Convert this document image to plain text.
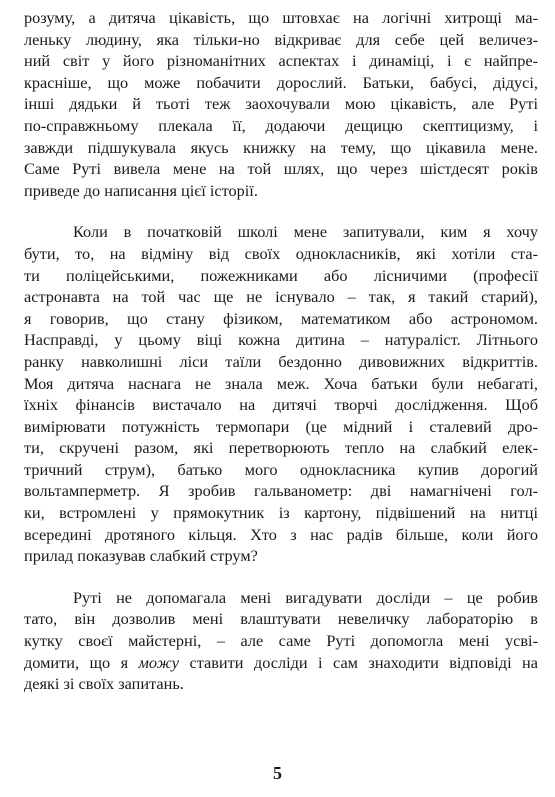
розуму, а дитяча цікавість, що штовхає на логічні хитрощі ма-
леньку людину, яка тільки-но відкриває для себе цей величез-
ний світ у його різноманітних аспектах і динаміці, і є найпре-
красніше, що може побачити дорослий. Батьки, бабусі, дідусі,
інші дядьки й тьоті теж заохочували мою цікавість, але Руті
по-справжньому плекала її, додаючи дещицю скептицизму, і
завжди підшукувала якусь книжку на тему, що цікавила мене.
Саме Руті вивела мене на той шлях, що через шістдесят років
приведе до написання цієї історії.
Коли в початковій школі мене запитували, ким я хочу
бути, то, на відміну від своїх однокласників, які хотіли ста-
ти поліцейськими, пожежниками або лісничими (професії
астронавта на той час ще не існувало – так, я такий старий),
я говорив, що стану фізиком, математиком або астрономом.
Насправді, у цьому віці кожна дитина – натураліст. Літнього
ранку навколишні ліси таїли бездонно дивовижних відкриттів.
Моя дитяча наснага не знала меж. Хоча батьки були небагаті,
їхніх фінансів вистачало на дитячі творчі дослідження. Щоб
вимірювати потужність термопари (це мідний і сталевий дро-
ти, скручені разом, які перетворюють тепло на слабкий елек-
тричний струм), батько мого однокласника купив дорогий
вольтамперметр. Я зробив гальванометр: дві намагнічені гол-
ки, встромлені у прямокутник із картону, підвішений на нитці
всередині дротяного кільця. Хто з нас радів більше, коли його
прилад показував слабкий струм?
Руті не допомагала мені вигадувати досліди – це робив
тато, він дозволив мені влаштувати невеличку лабораторію в
кутку своєї майстерні, – але саме Руті допомогла мені усві-
домити, що я можу ставити досліди і сам знаходити відповіді на
деякі зі своїх запитань.
5
